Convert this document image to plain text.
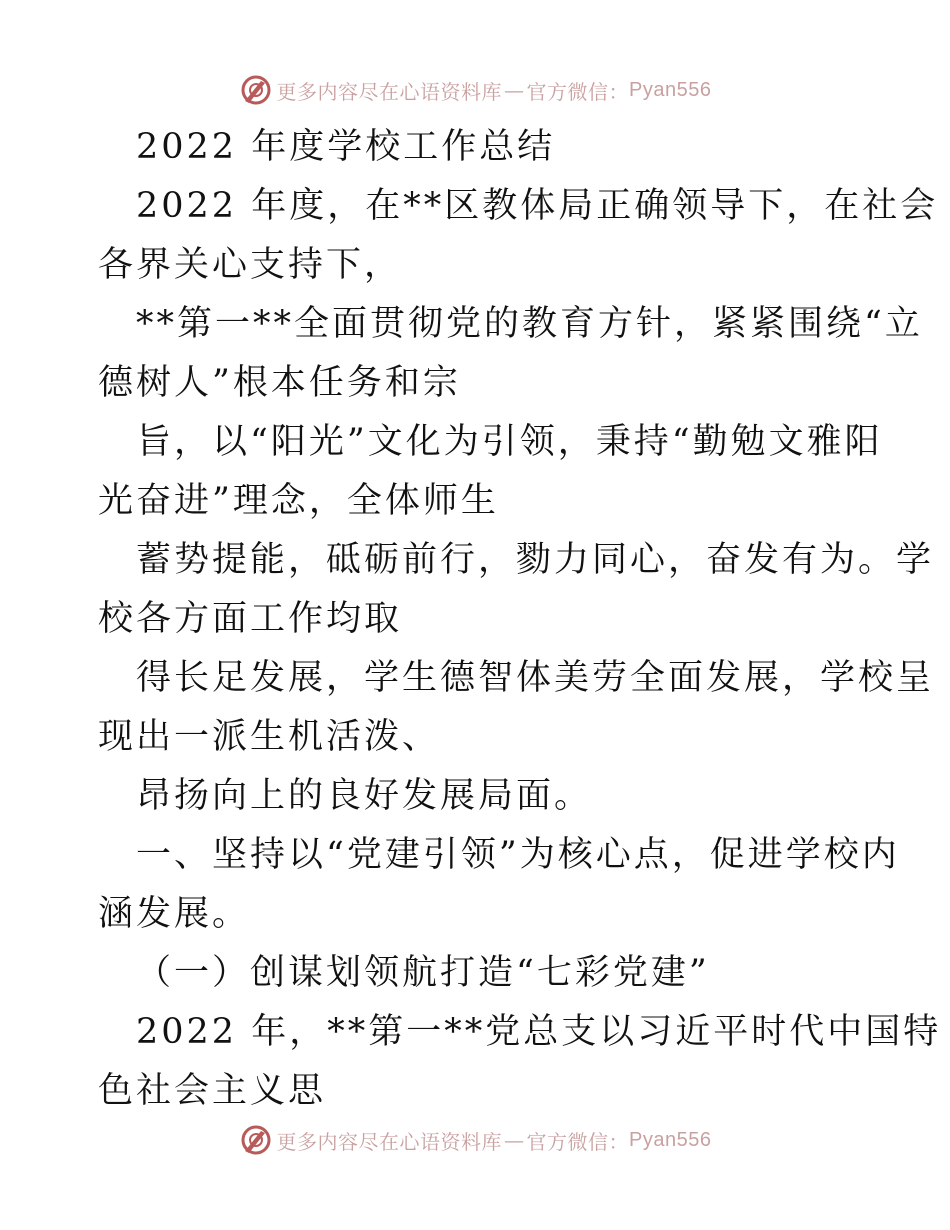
更多内容尽在心语资料库 — 官方微信： Pyan556

2022 年度学校工作总结

2022 年度，在**区教体局正确领导下，在社会

各界关心支持下，

**第一**全面贯彻党的教育方针，紧紧围绕“立

德树人”根本任务和宗

旨，以“阳光”文化为引领，秉持“勤勉文雅阳

光奋进”理念，全体师生

蓄势提能，砥砺前行，勠力同心，奋发有为。学

校各方面工作均取

得长足发展，学生德智体美劳全面发展，学校呈

现出一派生机活泼、

昂扬向上的良好发展局面。

一、坚持以“党建引领”为核心点，促进学校内

涵发展。

（一）创谋划领航打造“七彩党建”

2022 年，**第一**党总支以习近平时代中国特

色社会主义思

更多内容尽在心语资料库 — 官方微信： Pyan556
